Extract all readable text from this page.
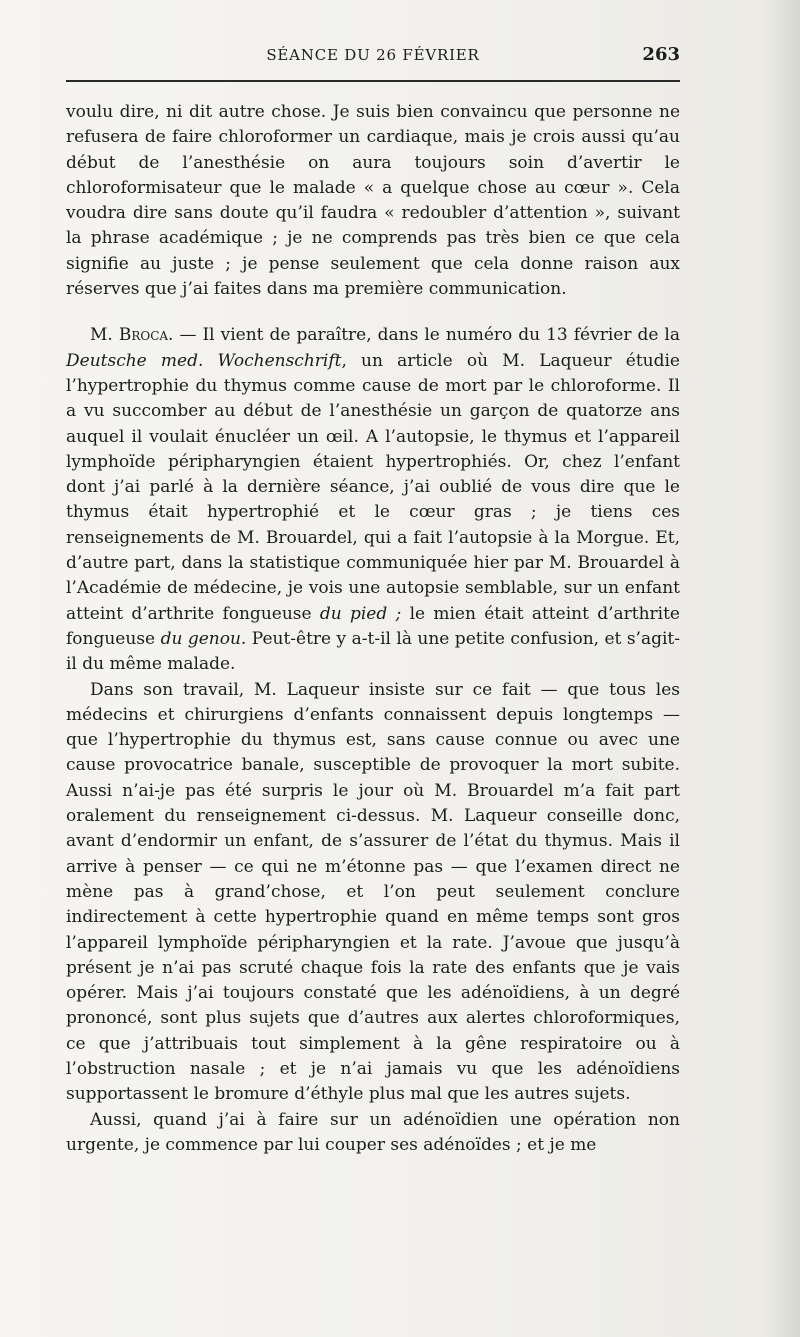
SÉANCE DU 26 FÉVRIER	263

voulu dire, ni dit autre chose. Je suis bien convaincu que personne ne refusera de faire chloroformer un cardiaque, mais je crois aussi qu’au début de l’anesthésie on aura toujours soin d’avertir le chloroformisateur que le malade « a quelque chose au cœur ». Cela voudra dire sans doute qu’il faudra « redoubler d’attention », suivant la phrase académique ; je ne comprends pas très bien ce que cela signifie au juste ; je pense seulement que cela donne raison aux réserves que j’ai faites dans ma première communication.

M. Broca. — Il vient de paraître, dans le numéro du 13 février de la Deutsche med. Wochenschrift, un article où M. Laqueur étudie l’hypertrophie du thymus comme cause de mort par le chloroforme. Il a vu succomber au début de l’anesthésie un garçon de quatorze ans auquel il voulait énucléer un œil. A l’autopsie, le thymus et l’appareil lymphoïde péripharyngien étaient hypertrophiés. Or, chez l’enfant dont j’ai parlé à la dernière séance, j’ai oublié de vous dire que le thymus était hypertrophié et le cœur gras ; je tiens ces renseignements de M. Brouardel, qui a fait l’autopsie à la Morgue. Et, d’autre part, dans la statistique communiquée hier par M. Brouardel à l’Académie de médecine, je vois une autopsie semblable, sur un enfant atteint d’arthrite fongueuse du pied ; le mien était atteint d’arthrite fongueuse du genou. Peut-être y a-t-il là une petite confusion, et s’agit-il du même malade.

Dans son travail, M. Laqueur insiste sur ce fait — que tous les médecins et chirurgiens d’enfants connaissent depuis longtemps — que l’hypertrophie du thymus est, sans cause connue ou avec une cause provocatrice banale, susceptible de provoquer la mort subite. Aussi n’ai-je pas été surpris le jour où M. Brouardel m’a fait part oralement du renseignement ci-dessus. M. Laqueur conseille donc, avant d’endormir un enfant, de s’assurer de l’état du thymus. Mais il arrive à penser — ce qui ne m’étonne pas — que l’examen direct ne mène pas à grand’chose, et l’on peut seulement conclure indirectement à cette hypertrophie quand en même temps sont gros l’appareil lymphoïde péripharyngien et la rate. J’avoue que jusqu’à présent je n’ai pas scruté chaque fois la rate des enfants que je vais opérer. Mais j’ai toujours constaté que les adénoïdiens, à un degré prononcé, sont plus sujets que d’autres aux alertes chloroformiques, ce que j’attribuais tout simplement à la gêne respiratoire ou à l’obstruction nasale ; et je n’ai jamais vu que les adénoïdiens supportassent le bromure d’éthyle plus mal que les autres sujets.

Aussi, quand j’ai à faire sur un adénoïdien une opération non urgente, je commence par lui couper ses adénoïdes ; et je me
